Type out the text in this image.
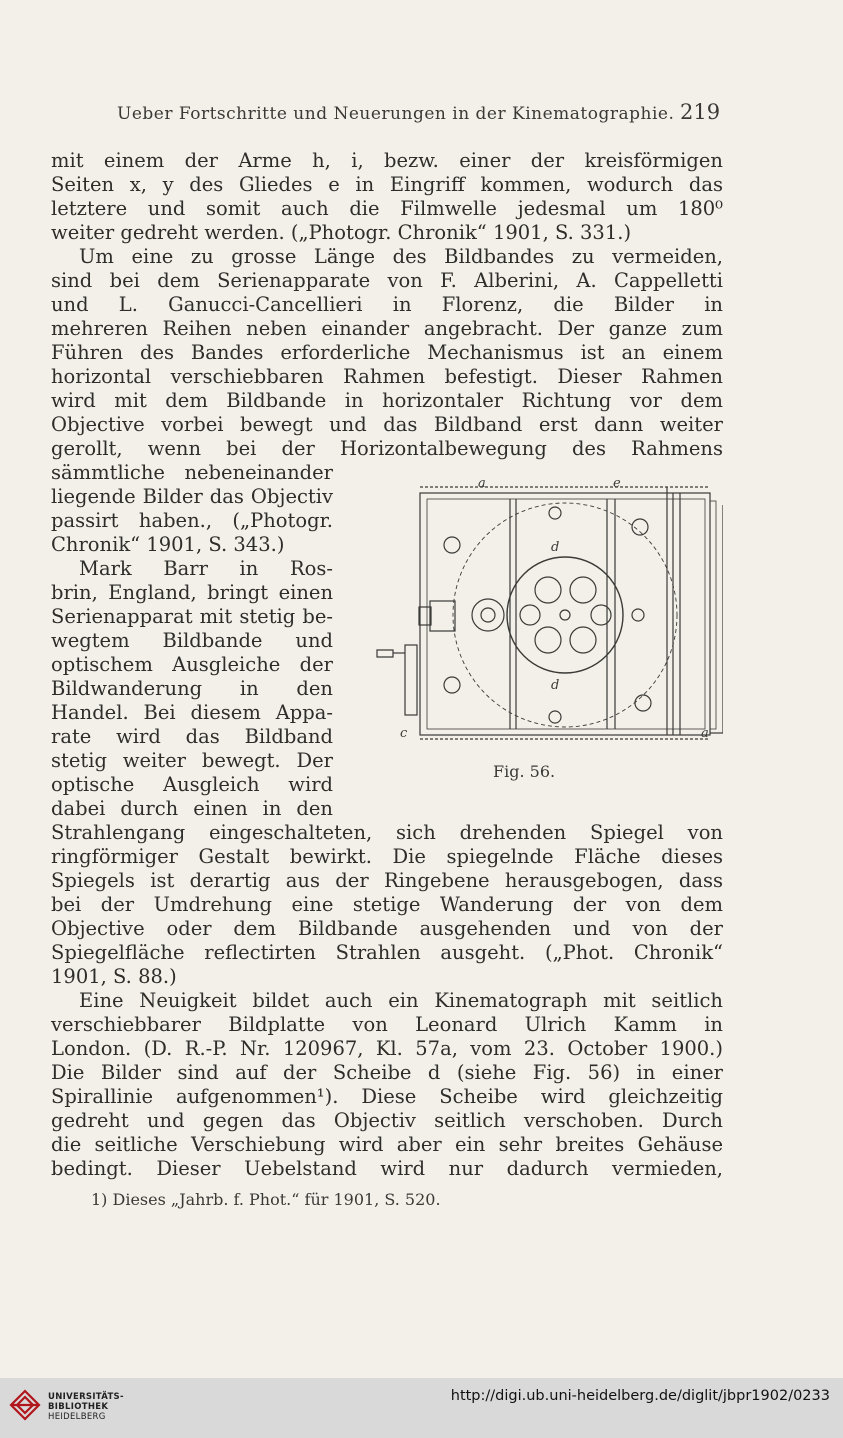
Ueber Fortschritte und Neuerungen in der Kinematographie. 219
mit einem der Arme h, i, bezw. einer der kreisförmigen
Seiten x, y des Gliedes e in Eingriff kommen, wodurch das
letztere und somit auch die Filmwelle jedesmal um 180⁰
weiter gedreht werden. („Photogr. Chronik“ 1901, S. 331.)
Um eine zu grosse Länge des Bildbandes zu vermeiden,
sind bei dem Serienapparate von F. Alberini, A. Cappelletti
und L. Ganucci-Cancellieri in Florenz, die Bilder in
mehreren Reihen neben einander angebracht. Der ganze zum
Führen des Bandes erforderliche Mechanismus ist an einem
horizontal verschiebbaren Rahmen befestigt. Dieser Rahmen
wird mit dem Bildbande in horizontaler Richtung vor dem
Objective vorbei bewegt und das Bildband erst dann weiter
gerollt, wenn bei der Horizontalbewegung des Rahmens
sämmtliche nebeneinander
liegende Bilder das Objectiv
passirt haben., („Photogr.
Chronik“ 1901, S. 343.)
Mark Barr in Ros-
brin, England, bringt einen
Serienapparat mit stetig be-
wegtem Bildbande und
optischem Ausgleiche der
Bildwanderung in den
Handel. Bei diesem Appa-
rate wird das Bildband
stetig weiter bewegt. Der
optische Ausgleich wird
dabei durch einen in den
Strahlengang eingeschalteten, sich drehenden Spiegel von
ringförmiger Gestalt bewirkt. Die spiegelnde Fläche dieses
Spiegels ist derartig aus der Ringebene herausgebogen, dass
bei der Umdrehung eine stetige Wanderung der von dem
Objective oder dem Bildbande ausgehenden und von der
Spiegelfläche reflectirten Strahlen ausgeht. („Phot. Chronik“
1901, S. 88.)
Eine Neuigkeit bildet auch ein Kinematograph mit seitlich
verschiebbarer Bildplatte von Leonard Ulrich Kamm in
London. (D. R.-P. Nr. 120967, Kl. 57a, vom 23. October 1900.)
Die Bilder sind auf der Scheibe d (siehe Fig. 56) in einer
Spirallinie aufgenommen¹). Diese Scheibe wird gleichzeitig
gedreht und gegen das Objectiv seitlich verschoben. Durch
die seitliche Verschiebung wird aber ein sehr breites Gehäuse
bedingt. Dieser Uebelstand wird nur dadurch vermieden,
a	e
d
d
c	a
Fig. 56.
1) Dieses „Jahrb. f. Phot.“ für 1901, S. 520.
UNIVERSITÄTS-
BIBLIOTHEK
HEIDELBERG
http://digi.ub.uni-heidelberg.de/diglit/jbpr1902/0233
